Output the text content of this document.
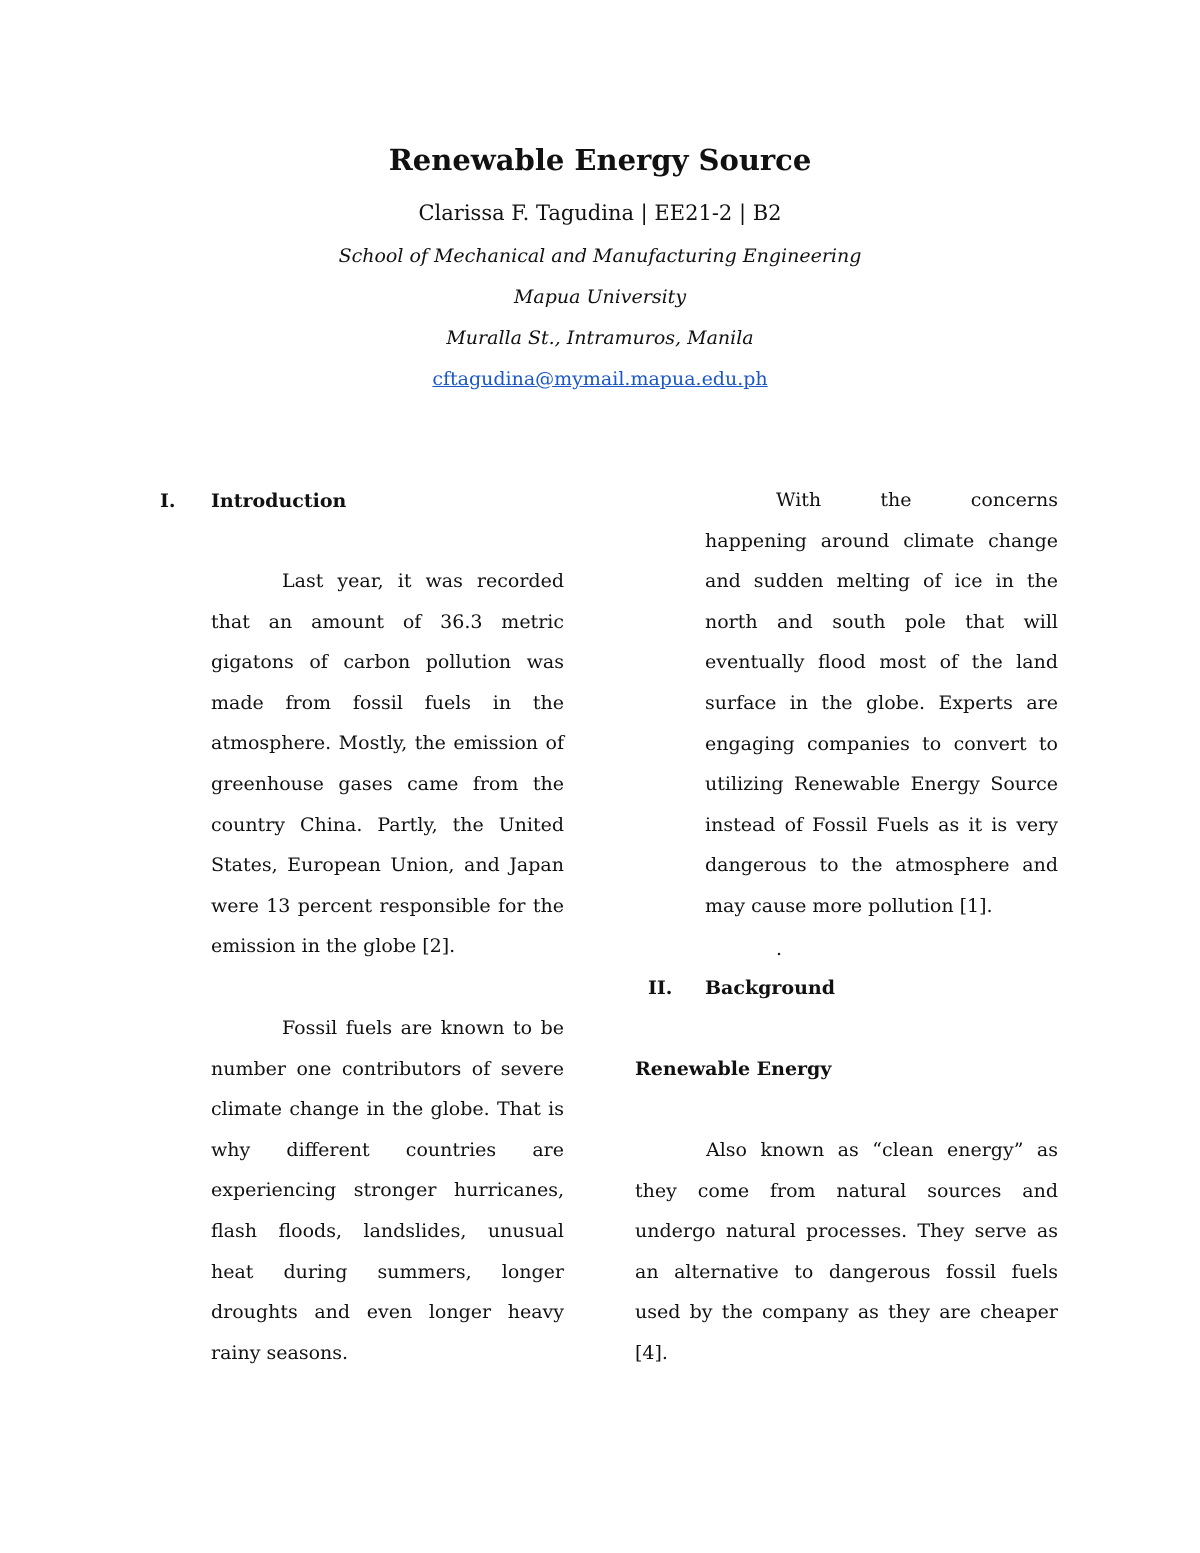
Renewable Energy Source
Clarissa F. Tagudina | EE21-2 | B2
School of Mechanical and Manufacturing Engineering
Mapua University
Muralla St., Intramuros, Manila
cftagudina@mymail.mapua.edu.ph
I. Introduction
Last year, it was recorded that an amount of 36.3 metric gigatons of carbon pollution was made from fossil fuels in the atmosphere. Mostly, the emission of greenhouse gases came from the country China. Partly, the United States, European Union, and Japan were 13 percent responsible for the emission in the globe [2].
Fossil fuels are known to be number one contributors of severe climate change in the globe. That is why different countries are experiencing stronger hurricanes, flash floods, landslides, unusual heat during summers, longer droughts and even longer heavy rainy seasons.
With the concerns happening around climate change and sudden melting of ice in the north and south pole that will eventually flood most of the land surface in the globe. Experts are engaging companies to convert to utilizing Renewable Energy Source instead of Fossil Fuels as it is very dangerous to the atmosphere and may cause more pollution [1].
.
II. Background
Renewable Energy
Also known as “clean energy” as they come from natural sources and undergo natural processes. They serve as an alternative to dangerous fossil fuels used by the company as they are cheaper [4].
